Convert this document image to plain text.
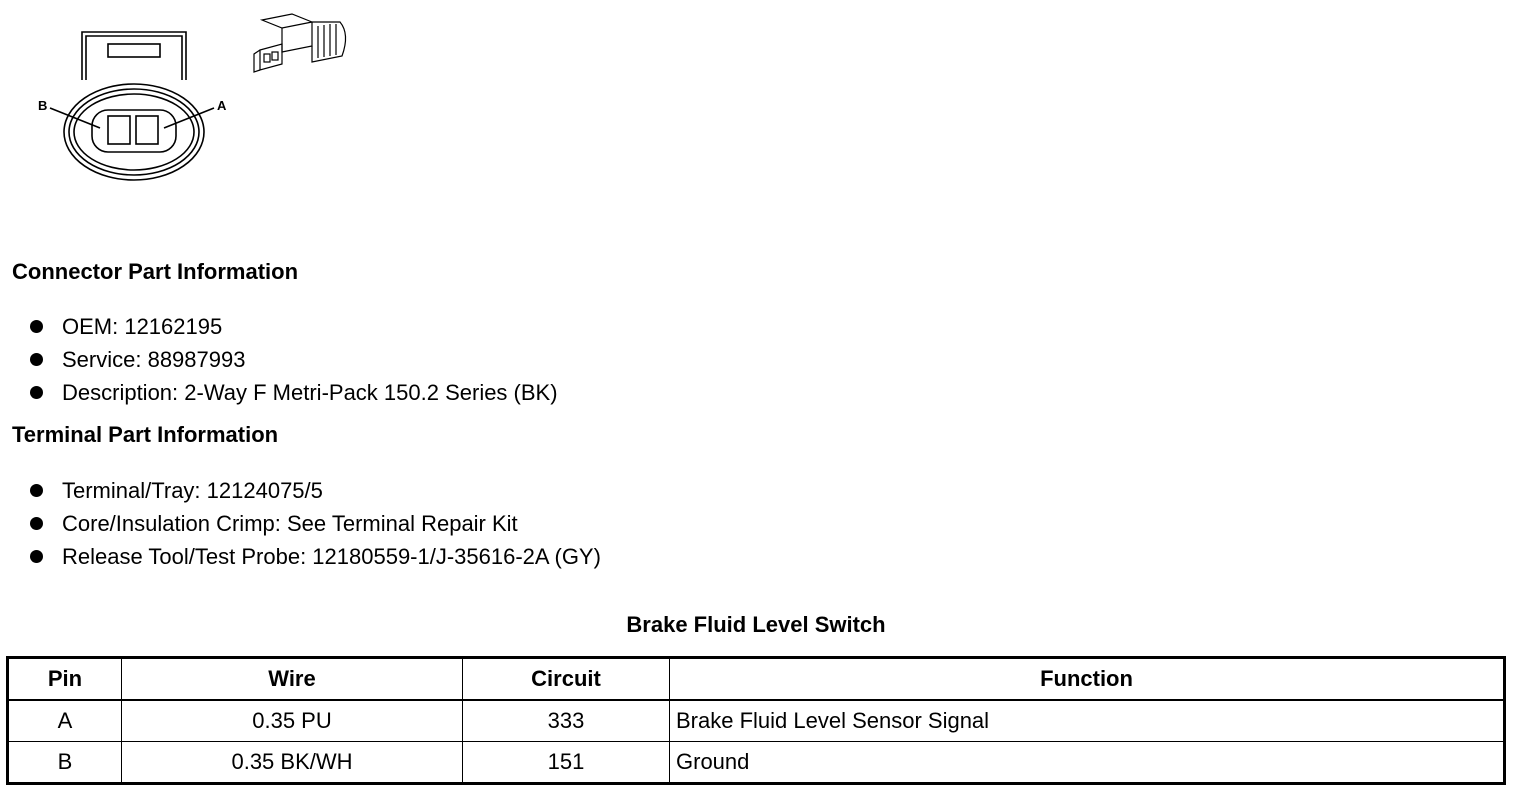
B	A
Connector Part Information
OEM: 12162195
Service: 88987993
Description: 2-Way F Metri-Pack 150.2 Series (BK)
Terminal Part Information
Terminal/Tray: 12124075/5
Core/Insulation Crimp: See Terminal Repair Kit
Release Tool/Test Probe: 12180559-1/J-35616-2A (GY)
Brake Fluid Level Switch
Pin	Wire	Circuit	Function
A	0.35 PU	333	Brake Fluid Level Sensor Signal
B	0.35 BK/WH	151	Ground
